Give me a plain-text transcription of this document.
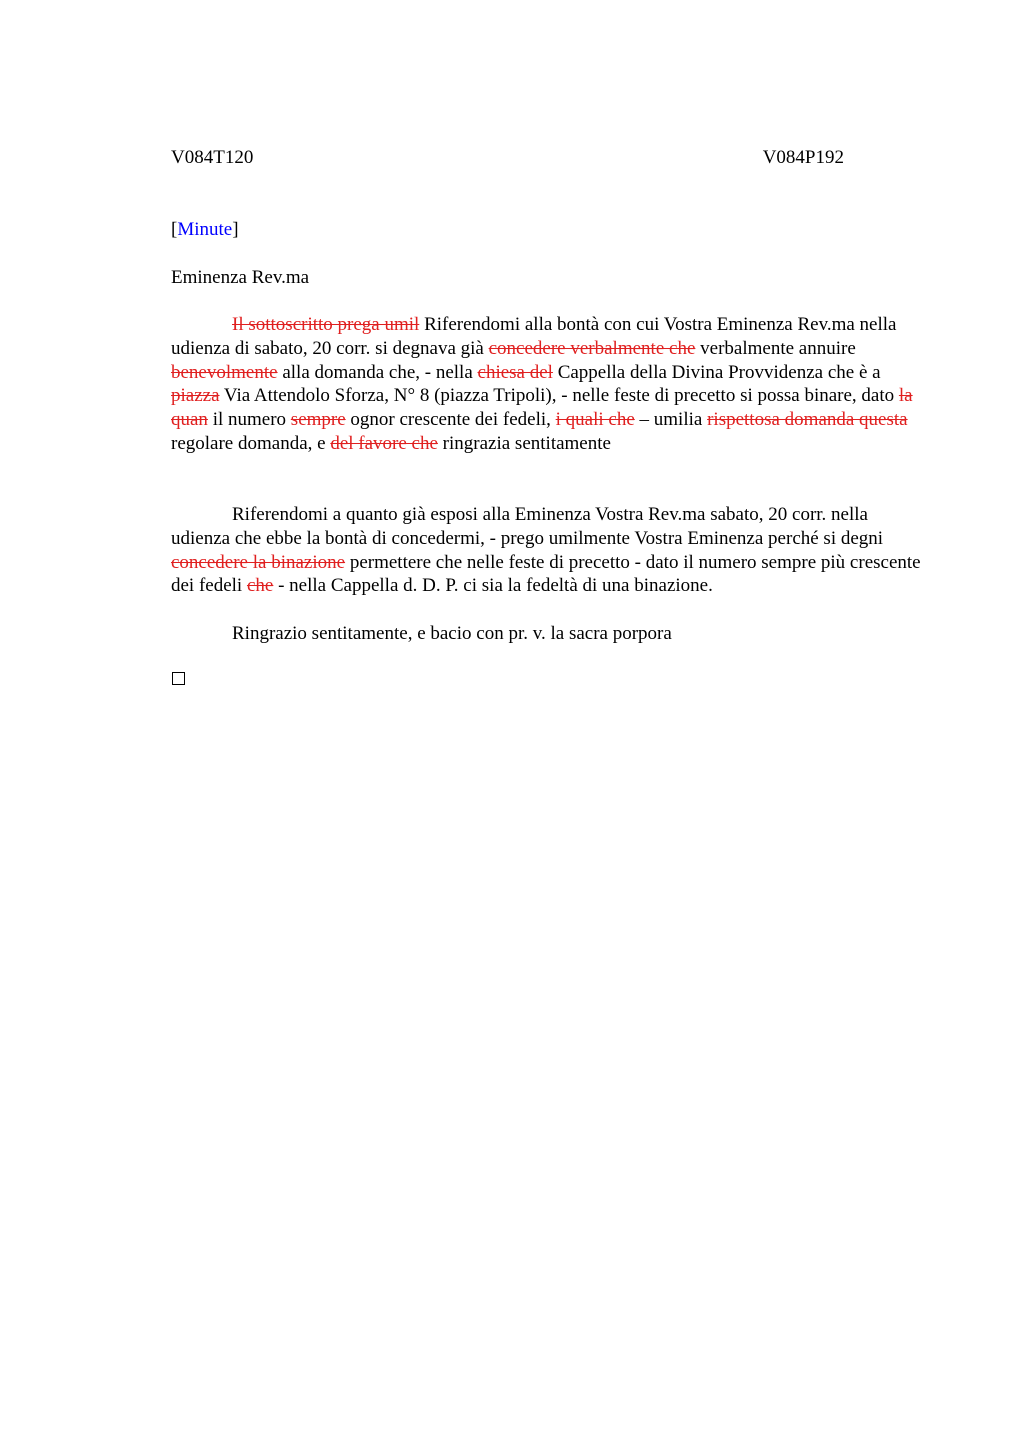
V084T120	V084P192
[Minute]
Eminenza Rev.ma

Il sottoscritto prega umil Riferendomi alla bontà con cui Vostra Eminenza Rev.ma nella udienza di sabato, 20 corr. si degnava già concedere verbalmente che verbalmente annuire benevolmente alla domanda che, - nella chiesa del Cappella della Divina Provvidenza che è a piazza Via Attendolo Sforza, N° 8 (piazza Tripoli), - nelle feste di precetto si possa binare, dato la quan il numero sempre ognor crescente dei fedeli, i quali che – umilia rispettosa domanda questa regolare domanda, e del favore che ringrazia sentitamente

Riferendomi a quanto già esposi alla Eminenza Vostra Rev.ma sabato, 20 corr. nella udienza che ebbe la bontà di concedermi, - prego umilmente Vostra Eminenza perché si degni concedere la binazione permettere che nelle feste di precetto - dato il numero sempre più crescente dei fedeli che - nella Cappella d. D. P. ci sia la fedeltà di una binazione.

Ringrazio sentitamente, e bacio con pr. v. la sacra porpora
